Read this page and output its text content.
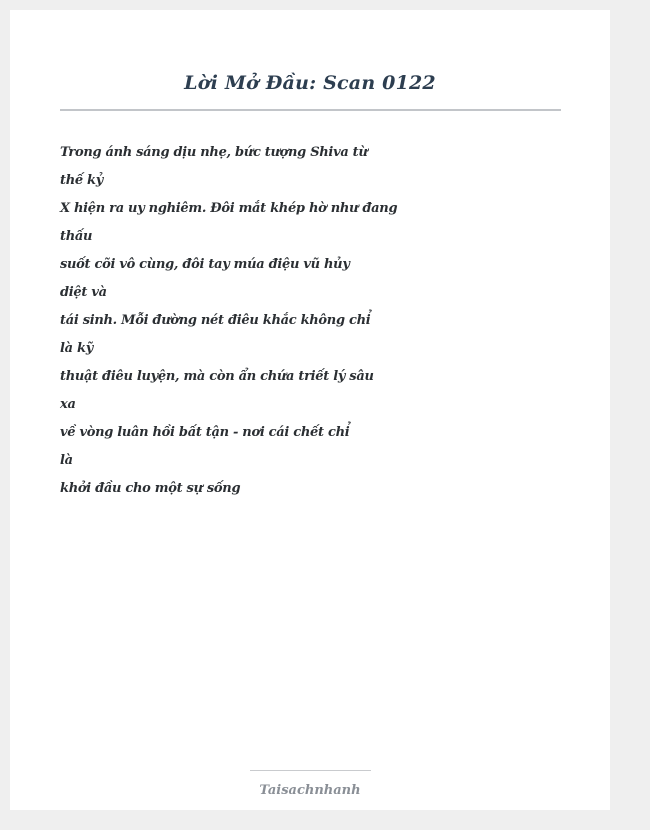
Lời Mở Đầu: Scan 0122
Trong ánh sáng dịu nhẹ, bức tượng Shiva từ
thế kỷ
X hiện ra uy nghiêm. Đôi mắt khép hờ như đang
thấu
suốt cõi vô cùng, đôi tay múa điệu vũ hủy
diệt và
tái sinh. Mỗi đường nét điêu khắc không chỉ
là kỹ
thuật điêu luyện, mà còn ẩn chứa triết lý sâu
xa
về vòng luân hồi bất tận - nơi cái chết chỉ
là
khởi đầu cho một sự sống
Taisachnhanh
